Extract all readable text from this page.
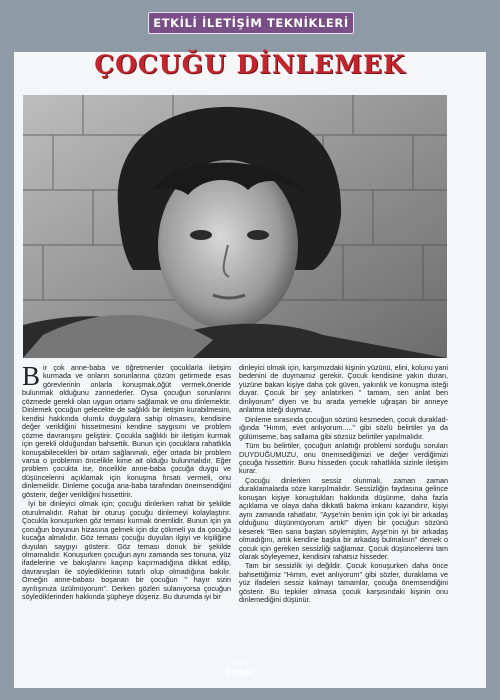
ETKİLİ İLETİŞİM TEKNİKLERİ
ÇOCUĞU DİNLEMEK

Bir çok anne-baba ve öğretmenler çocuklarla iletişim kurmada ve onların sorunlarına çözüm getirmede esas görevlerinin onlarla konuşmak,öğüt vermek,öneride bulunmak olduğunu zannederler. Oysa çocuğun sorunlarını çözmede gerekli olan uygun ortamı sağlamak ve onu dinlemektir. Dinlemek çocuğun gelecekte de sağlıklı bir iletişim kurabilmesini, kendisi hakkında olumlu duygulara sahip olmasını, kendisine değer verildiğini hissetmesini kendine saygısını ve problem çözme davranışını geliştirir. Çocukla sağlıklı bir iletişim kurmak için gerekli olduğundan bahsettik. Bunun için çocuklara rahatlıkla konuşabilecekleri bir ortam sağlanmalı, eğer ortada bir problem varsa o problemin öncelikle kime ait olduğu bulunmalıdır. Eğer problem çocukta ise, öncelikle anne-baba çocuğa duygu ve düşüncelerini açıklamak için konuşma fırsatı vermeli, onu dinlemelidir. Dinleme çocuğa ana-baba tarafından önemsendiğini gösterir, değer verildiğini hissettirir.

İyi bir dinleyici olmak için; çocuğu dinlerken rahat bir şekilde oturulmalıdır. Rahat bir oturuş çocuğu dinlemeyi kolaylaştırır. Çocukla konuşurken göz teması kurmak önemlidir. Bunun için ya çocuğun boyunun hizasına gelmek için diz çökmeli ya da çocuğu kucağa almalıdır. Göz teması çocuğu duyulan ilgiyi ve kişiliğine duyulan saygıyı gösterir. Göz teması donuk bir şekilde olmamalıdır. Konuşurken çocuğun aynı zamanda ses tonuna, yüz ifadelerine ve bakışlarını kaçırıp kaçırmadığına dikkat edilip, davranışları ile söylediklerinin tutarlı olup olmadığına bakılır. Örneğin anne-babası boşanan bir çocuğun " hayır sizin ayrılışınıza üzülmüyorum". Derken gözleri sulanıyorsa çocuğun söylediklerinden hakkında şüpheye düşeriz. Bu durumda iyi bir

dinleyici olmak için, karşımızdaki kişinin yüzünü, elini, kolunu yani bedenini de duymamız gerekir. Çocuk kendisine yakın duran, yüzüne bakan kişiye daha çok güven, yakınlık ve konuşma isteği duyar. Çocuk bir şey anlatırken " tamam, sen anlat ben dinliyorum" diyen ve bu arada yemekle uğraşan bir anneye anlatma isteği duymaz.

Dinleme sırasında çocuğun sözünü kesmeden, çocuk durakladığında "Hımm, evet anlıyorum....." gibi sözlü belirtiler ya da gülümseme, baş sallama gibi sözsüz belirtiler yapılmalıdır.

Tüm bu belirtiler, çocuğun anlattığı problemi sorduğu soruları DUYDUĞUMUZU, onu önemsediğimizi ve değer verdiğimizi çocuğa hissettirir. Bunu hisseden çocuk rahatlıkla sizinle iletişim kurar.

Çocuğu dinlerken sessiz olunmalı, zaman zaman duraklamalarda söze karışılmalıdır. Sessizliğin faydasına gelince konuşan kişiye konuştukları hakkında düşünme, daha fazla açıklama ve olaya daha dikkatli bakma imkanı kazandırır, kişiyi aynı zamanda rahatlatır. "Ayşe'nin benim için çok iyi bir arkadaş olduğunu düşünmüyorum artık!" diyen bir çocuğun sözünü keserek "Ben sana baştan söylemiştim, Ayşe'nin iyi bir arkadaş olmadığını, artık kendine başka bir arkadaş bulmalısın" demek o çocuk için gereken sessizliği sağlamaz. Çocuk düşüncelerini tam olarak söyleyemez, kendisini rahatsız hisseder.

Tam bir sessizlik iyi değildir. Çocuk konuşurken daha önce bahsettiğimiz "Hımm, evet anlıyorum" gibi sözler, duraklama ve yüz ifadeleri sessiz kalmayı tamamlar, çocuğa önemsendiğini gösterir. Bu tepkiler olmasa çocuk karşısındaki kişinin onu dinlemediğini düşünür.

KIRIK
teber
